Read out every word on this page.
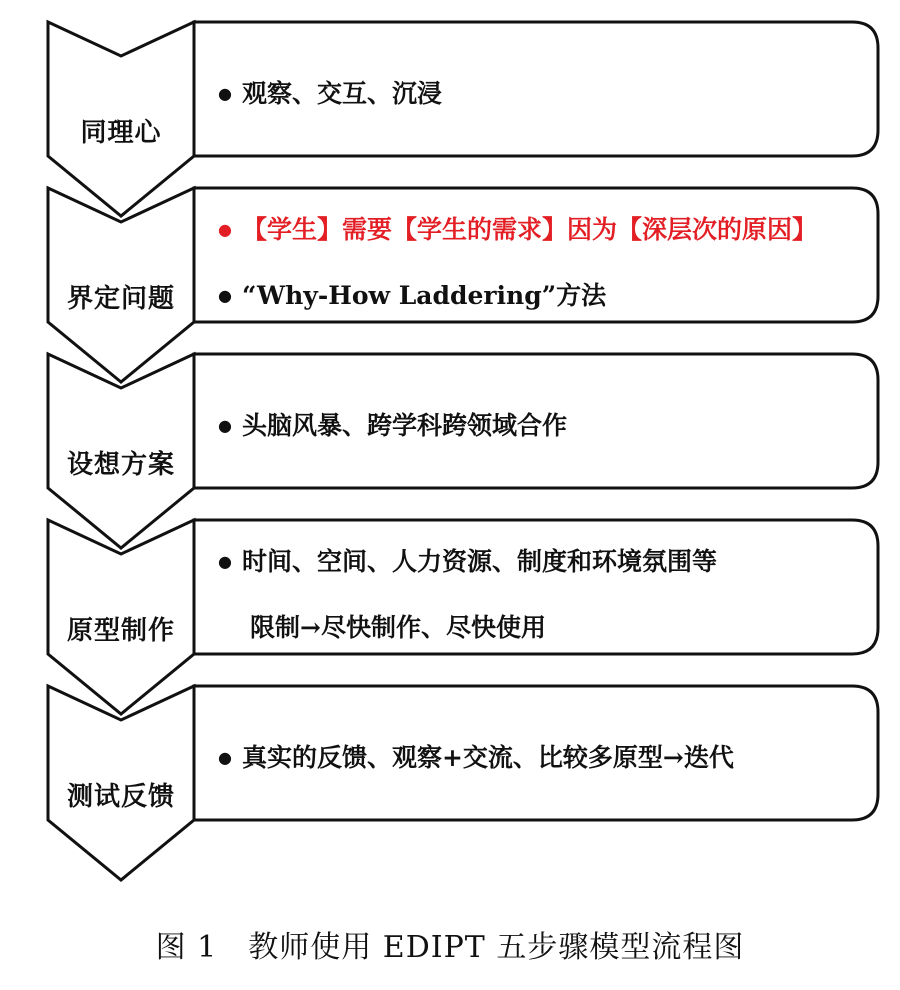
同理心
● 观察、交互、沉浸
界定问题
● 【学生】需要【学生的需求】因为【深层次的原因】
● “Why-How Laddering”方法
设想方案
● 头脑风暴、跨学科跨领域合作
原型制作
● 时间、空间、人力资源、制度和环境氛围等
限制→尽快制作、尽快使用
测试反馈
● 真实的反馈、观察+交流、比较多原型→迭代
图 1　教师使用 EDIPT 五步骤模型流程图
